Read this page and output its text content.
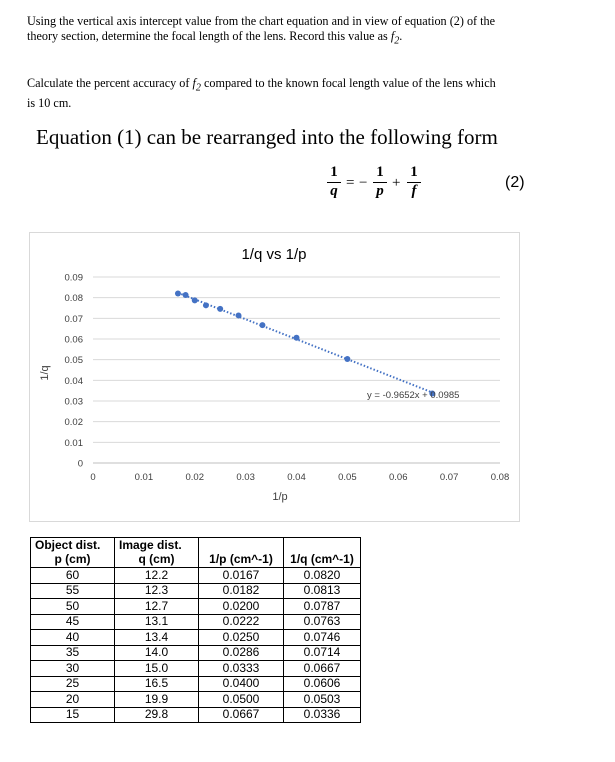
Using the vertical axis intercept value from the chart equation and in view of equation (2) of the theory section, determine the focal length of the lens. Record this value as $f_2$.
Calculate the percent accuracy of $f_2$ compared to the known focal length value of the lens which is 10 cm.
Equation (1) can be rearranged into the following form
1
q = −
1
p +
1
f	(2)
0
0.01
0.02
0.03
0.04
0.05
0.06
0.07
0.08
0.09
0	0.01	0.02	0.03	0.04	0.05	0.06	0.07	0.08
1/q vs 1/p
1/p
1/q
y = -0.9652x + 0.0985
Object dist.	Image dist.		
p (cm)	q (cm)	1/p (cm^-1)	1/q (cm^-1)
60	12.2	0.0167	0.0820
55	12.3	0.0182	0.0813
50	12.7	0.0200	0.0787
45	13.1	0.0222	0.0763
40	13.4	0.0250	0.0746
35	14.0	0.0286	0.0714
30	15.0	0.0333	0.0667
25	16.5	0.0400	0.0606
20	19.9	0.0500	0.0503
15	29.8	0.0667	0.0336
